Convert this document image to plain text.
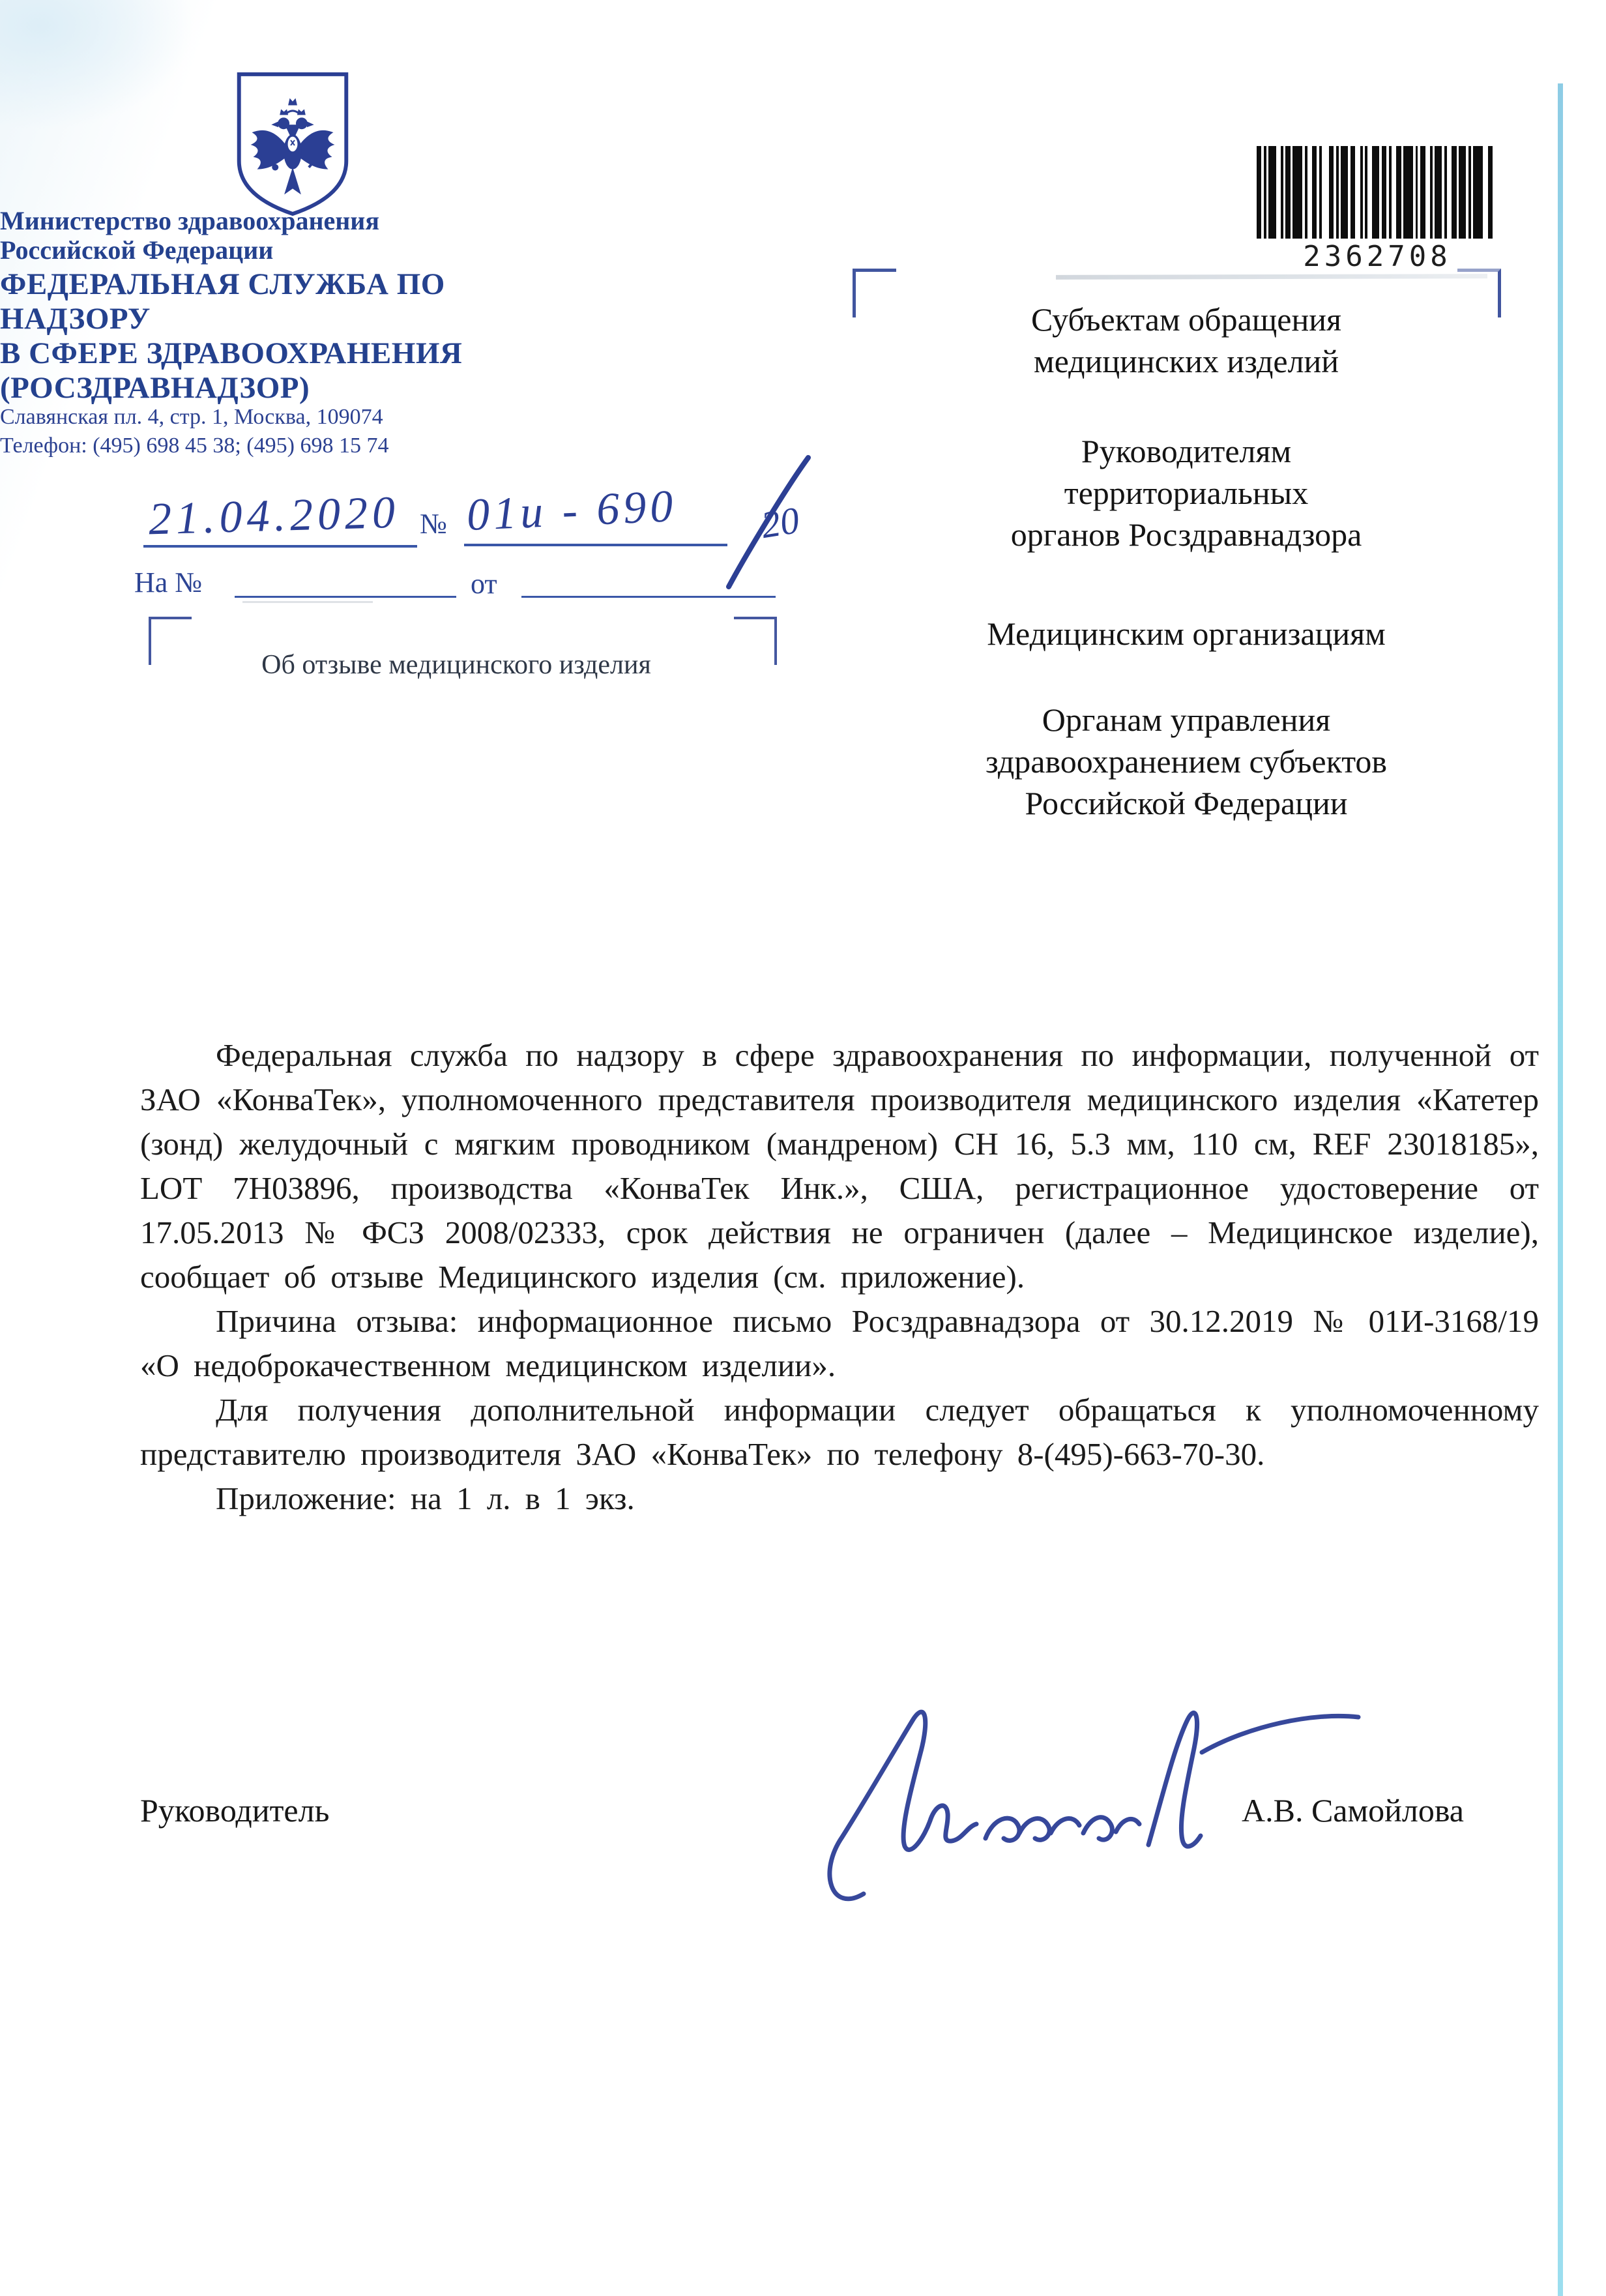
Министерство здравоохранения
Российской Федерации
ФЕДЕРАЛЬНАЯ СЛУЖБА ПО НАДЗОРУ
В СФЕРЕ ЗДРАВООХРАНЕНИЯ
(РОСЗДРАВНАДЗОР)
Славянская пл. 4, стр. 1, Москва, 109074
Телефон: (495) 698 45 38; (495) 698 15 74
21.04.2020 № 01и - 690 20
На №	от
Об отзыве медицинского изделия
2362708
Субъектам обращения
медицинских изделий
Руководителям
территориальных
органов Росздравнадзора
Медицинским организациям
Органам управления
здравоохранением субъектов
Российской Федерации

Федеральная служба по надзору в сфере здравоохранения по информации, полученной от ЗАО «КонваТек», уполномоченного представителя производителя медицинского изделия «Катетер (зонд) желудочный с мягким проводником (мандреном) СН 16, 5.3 мм, 110 см, REF 23018185», LOT 7Н03896, производства «КонваТек Инк.», США, регистрационное удостоверение от 17.05.2013 № ФСЗ 2008/02333, срок действия не ограничен (далее – Медицинское изделие), сообщает об отзыве Медицинского изделия (см. приложение).

Причина отзыва: информационное письмо Росздравнадзора от 30.12.2019 № 01И-3168/19 «О недоброкачественном медицинском изделии».

Для получения дополнительной информации следует обращаться к уполномоченному представителю производителя ЗАО «КонваТек» по телефону 8-(495)-663-70-30.

Приложение: на 1 л. в 1 экз.

Руководитель	А.В. Самойлова
